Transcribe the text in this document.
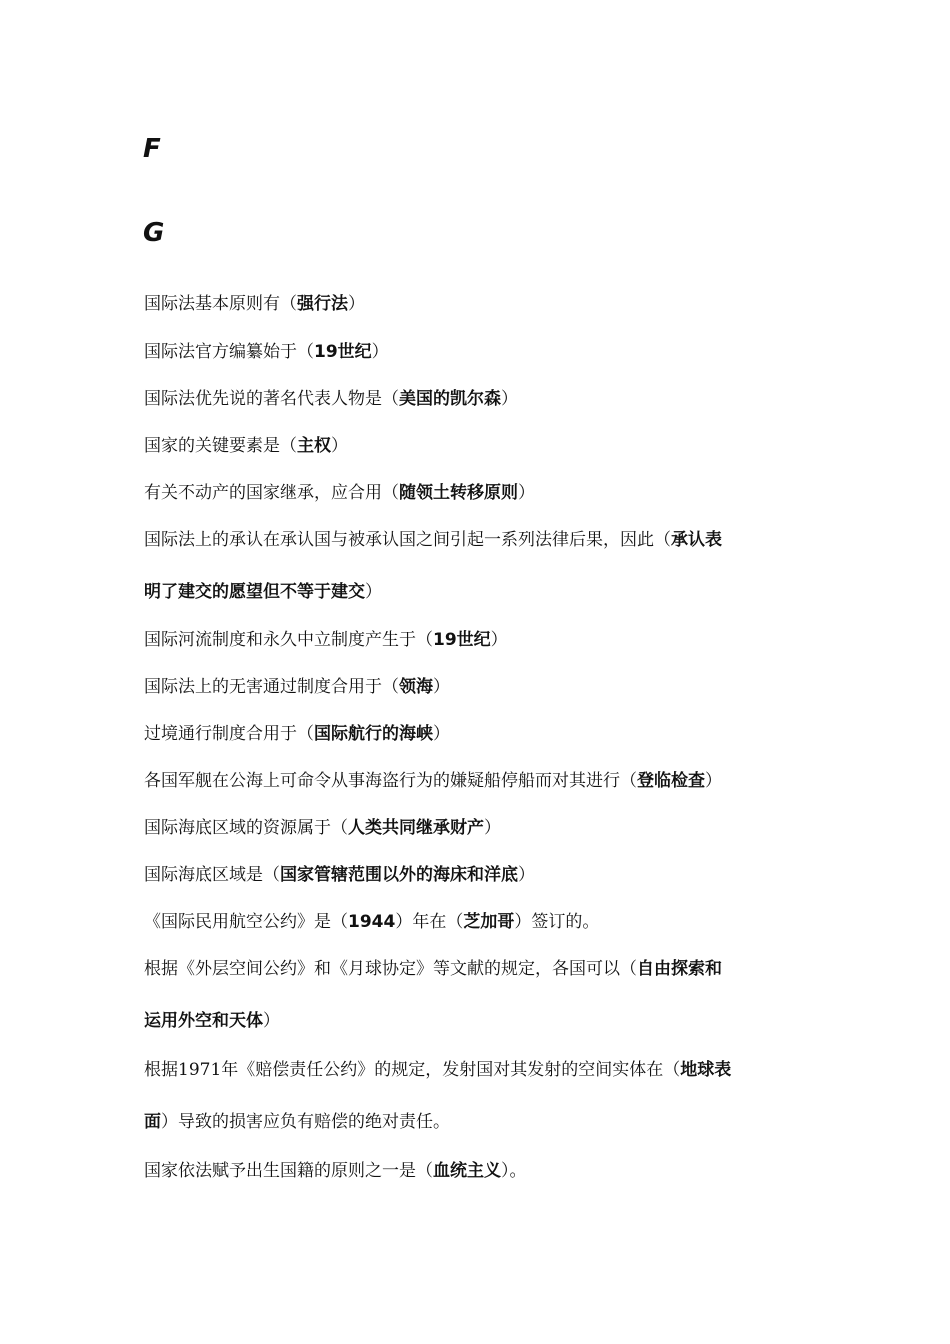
F
G

国际法基本原则有（强行法）

国际法官方编纂始于（19世纪）

国际法优先说的著名代表人物是（美国的凯尔森）

国家的关键要素是（主权）

有关不动产的国家继承，应合用（随领土转移原则）

国际法上的承认在承认国与被承认国之间引起一系列法律后果，因此（承认表
明了建交的愿望但不等于建交）

国际河流制度和永久中立制度产生于（19世纪）

国际法上的无害通过制度合用于（领海）

过境通行制度合用于（国际航行的海峡）

各国军舰在公海上可命令从事海盗行为的嫌疑船停船而对其进行（登临检查）

国际海底区域的资源属于（人类共同继承财产）

国际海底区域是（国家管辖范围以外的海床和洋底）

《国际民用航空公约》是（1944）年在（芝加哥）签订的。

根据《外层空间公约》和《月球协定》等文献的规定，各国可以（自由探索和
运用外空和天体）

根据1971年《赔偿责任公约》的规定，发射国对其发射的空间实体在（地球表
面）导致的损害应负有赔偿的绝对责任。

国家依法赋予出生国籍的原则之一是（血统主义）。
